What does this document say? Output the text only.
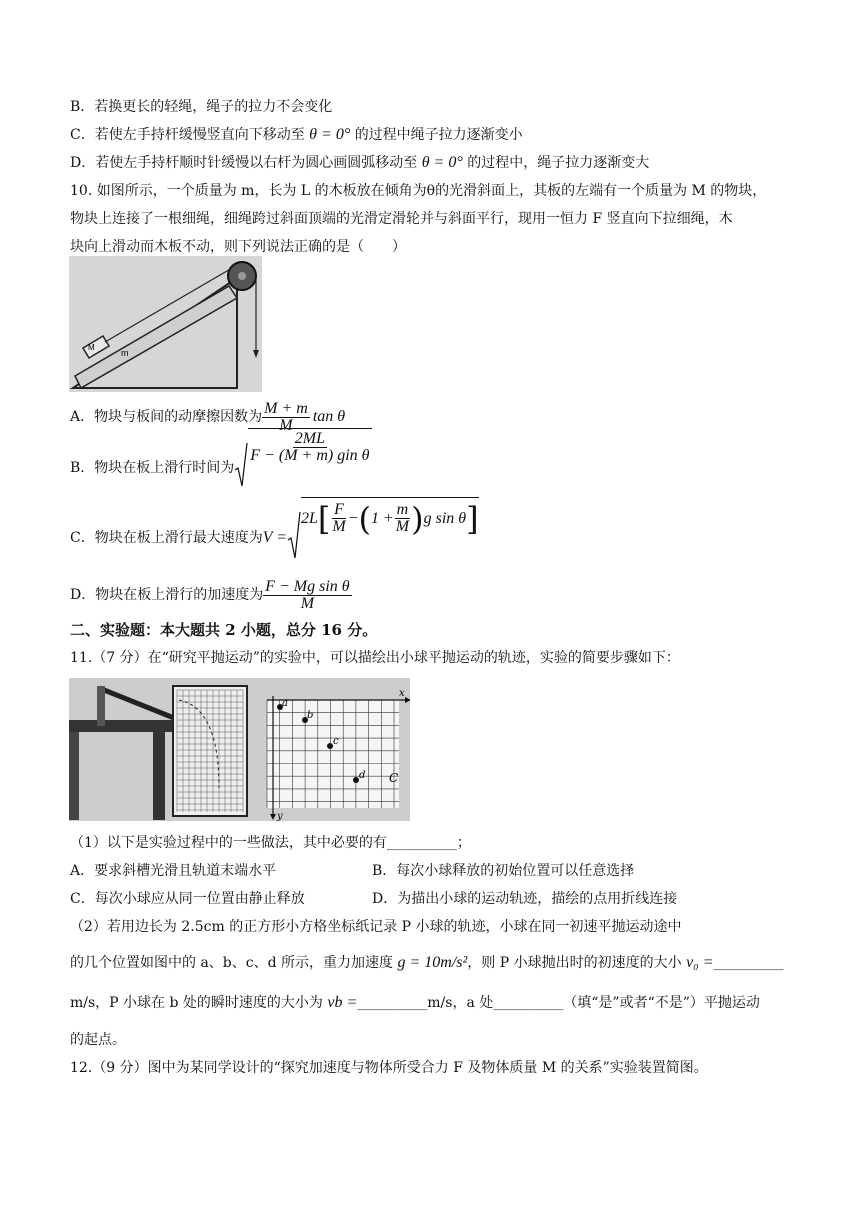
B．若换更长的轻绳，绳子的拉力不会变化
C．若使左手持杆缓慢竖直向下移动至 θ = 0° 的过程中绳子拉力逐渐变小
D．若使左手持杆顺时针缓慢以右杆为圆心画圆弧移动至 θ = 0° 的过程中，绳子拉力逐渐变大
10. 如图所示，一个质量为 m，长为 L 的木板放在倾角为θ的光滑斜面上，其板的左端有一个质量为 M 的物块，
物块上连接了一根细绳，细绳跨过斜面顶端的光滑定滑轮并与斜面平行，现用一恒力 F 竖直向下拉细绳，木
块向上滑动而木板不动，则下列说法正确的是（　　）
M
m
A．物块与板间的动摩擦因数为 $\frac{M + m}{M}$ tan θ
B．物块在板上滑行时间为
$\frac{2ML}{\text{F − (M + m) gin θ}}$
C．物块在板上滑行最大速度为 V =
2L [ $\frac{F}{M}$ − ( $1 + \frac{m}{M}$ ) g sin θ ]
D．物块在板上滑行的加速度为 $\frac{\text{F − Mg sin θ}}{M}$
二、实验题：本大题共 2 小题，总分 16 分。
11.（7 分）在“研究平抛运动”的实验中，可以描绘出小球平抛运动的轨迹，实验的简要步骤如下：
a
b
c
d
x
y
C
（1）以下是实验过程中的一些做法，其中必要的有__________；
A．要求斜槽光滑且轨道末端水平	B．每次小球释放的初始位置可以任意选择
C．每次小球应从同一位置由静止释放	D．为描出小球的运动轨迹，描绘的点用折线连接
（2）若用边长为 2.5cm 的正方形小方格坐标纸记录 P 小球的轨迹，小球在同一初速平抛运动途中
的几个位置如图中的 a、b、c、d 所示，重力加速度 g = 10m/s²，则 P 小球抛出时的初速度的大小 v₀ =__________
m/s，P 小球在 b 处的瞬时速度的大小为 vb =__________m/s，a 处__________（填“是”或者“不是”）平抛运动
的起点。
12.（9 分）图中为某同学设计的“探究加速度与物体所受合力 F 及物体质量 M 的关系”实验装置简图。
